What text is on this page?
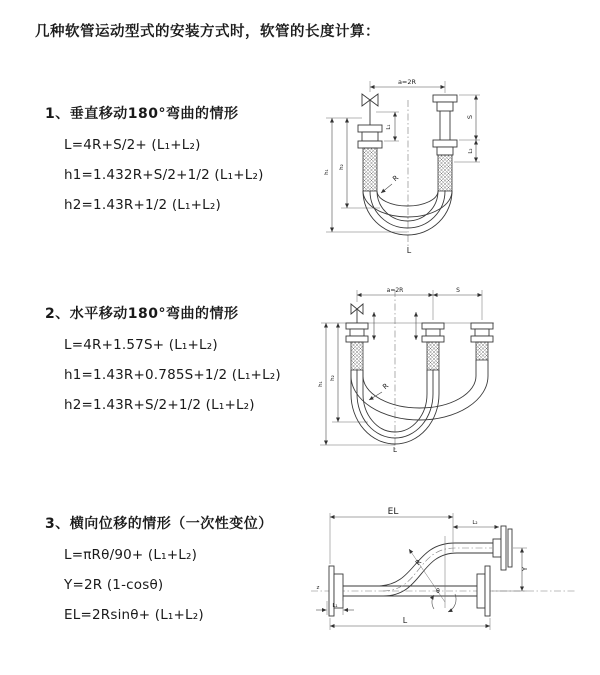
几种软管运动型式的安装方式时，软管的长度计算：
1、垂直移动180°弯曲的情形
L=4R+S/2+ (L₁+L₂)
h1=1.432R+S/2+1/2 (L₁+L₂)
h2=1.43R+1/2 (L₁+L₂)
2、水平移动180°弯曲的情形
L=4R+1.57S+ (L₁+L₂)
h1=1.43R+0.785S+1/2 (L₁+L₂)
h2=1.43R+S/2+1/2 (L₁+L₂)
3、横向位移的情形（一次性变位）
L=πRθ/90+ (L₁+L₂)
Y=2R (1-cosθ)
EL=2Rsinθ+ (L₁+L₂)
a=2R
L₁
S
L₂
h₁
h₂
R
L
a=2R	S
h₁
h₂
R
L
z
EL
L₂
Y
R
θ
L₁
L
